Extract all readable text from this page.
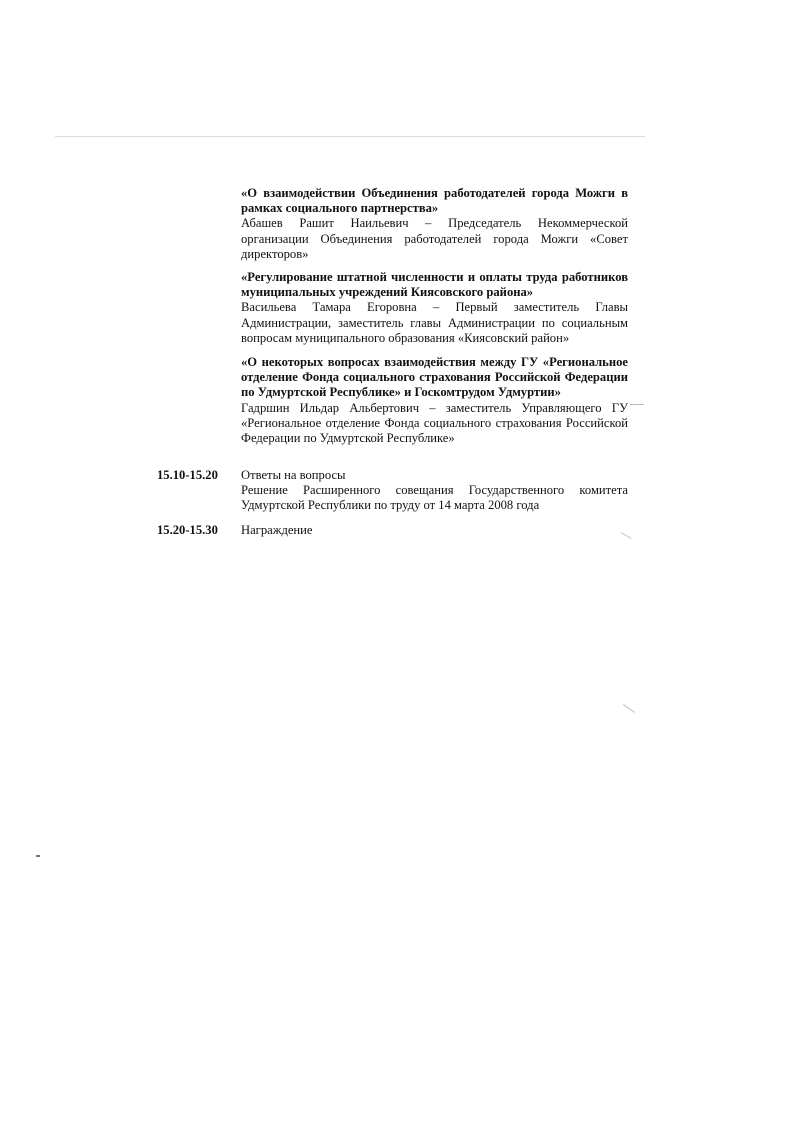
«О взаимодействии Объединения работодателей города Можги в рамках социального партнерства»
Абашев Рашит Наильевич – Председатель Некоммерческой организации Объединения работодателей города Можги «Совет директоров»
«Регулирование штатной численности и оплаты труда работников муниципальных учреждений Киясовского района»
Васильева Тамара Егоровна – Первый заместитель Главы Администрации, заместитель главы Администрации по социальным вопросам муниципального образования «Киясовский район»
«О некоторых вопросах взаимодействия между ГУ «Региональное отделение Фонда социального страхования Российской Федерации по Удмуртской Республике» и Госкомтрудом Удмуртии»
Гадршин Ильдар Альбертович – заместитель Управляющего ГУ «Региональное отделение Фонда социального страхования Российской Федерации по Удмуртской Республике»
15.10-15.20 Ответы на вопросы

Решение Расширенного совещания Государственного комитета Удмуртской Республики по труду от 14 марта 2008 года

15.20-15.30 Награждение
